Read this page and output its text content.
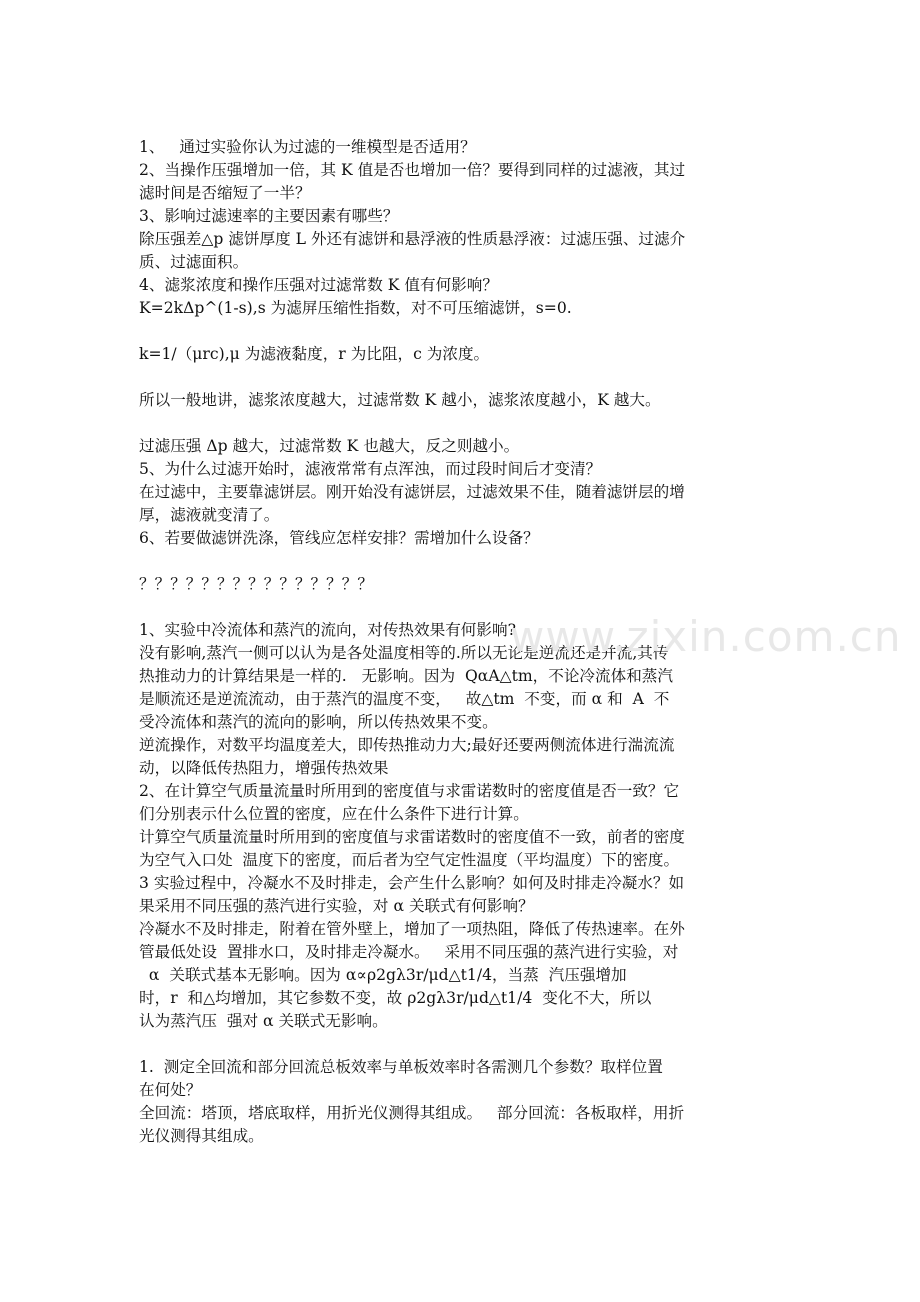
1、   通过实验你认为过滤的一维模型是否适用？
2、当操作压强增加一倍，其 K 值是否也增加一倍？要得到同样的过滤液，其过
滤时间是否缩短了一半？
3、影响过滤速率的主要因素有哪些？
除压强差△p 滤饼厚度 L 外还有滤饼和悬浮液的性质悬浮液：过滤压强、过滤介
质、过滤面积。
4、滤浆浓度和操作压强对过滤常数 K 值有何影响？
K=2kΔp^(1-s),s 为滤屏压缩性指数，对不可压缩滤饼，s=0.
k=1/（μrc),μ 为滤液黏度，r 为比阻，c 为浓度。
所以一般地讲，滤浆浓度越大，过滤常数 K 越小，滤浆浓度越小，K 越大。
过滤压强 Δp 越大，过滤常数 K 也越大，反之则越小。
5、为什么过滤开始时，滤液常常有点浑浊，而过段时间后才变清？
在过滤中，主要靠滤饼层。刚开始没有滤饼层，过滤效果不佳，随着滤饼层的增
厚，滤液就变清了。
6、若要做滤饼洗涤，管线应怎样安排？需增加什么设备？
？？？？？？？？？？？？？？？
1、实验中冷流体和蒸汽的流向，对传热效果有何影响?
没有影响,蒸汽一侧可以认为是各处温度相等的.所以无论是逆流还是并流,其传
热推动力的计算结果是一样的.   无影响。因为  QαA△tm，不论冷流体和蒸汽
是顺流还是逆流流动，由于蒸汽的温度不变，   故△tm  不变，而 α 和  A  不
受冷流体和蒸汽的流向的影响，所以传热效果不变。
逆流操作，对数平均温度差大，即传热推动力大;最好还要两侧流体进行湍流流
动，以降低传热阻力，增强传热效果
2、在计算空气质量流量时所用到的密度值与求雷诺数时的密度值是否一致？它
们分别表示什么位置的密度，应在什么条件下进行计算。
计算空气质量流量时所用到的密度值与求雷诺数时的密度值不一致，前者的密度
为空气入口处  温度下的密度，而后者为空气定性温度（平均温度）下的密度。
3 实验过程中，冷凝水不及时排走，会产生什么影响？如何及时排走冷凝水？如
果采用不同压强的蒸汽进行实验，对 α 关联式有何影响？
冷凝水不及时排走，附着在管外壁上，增加了一项热阻，降低了传热速率。在外
管最低处设  置排水口，及时排走冷凝水。   采用不同压强的蒸汽进行实验，对
α  关联式基本无影响。因为 α∝ρ2gλ3r/μd△t1/4，当蒸  汽压强增加
时，r  和△均增加，其它参数不变，故 ρ2gλ3r/μd△t1/4  变化不大，所以
认为蒸汽压  强对 α 关联式无影响。
1.  测定全回流和部分回流总板效率与单板效率时各需测几个参数？取样位置
在何处？
全回流：塔顶，塔底取样，用折光仪测得其组成。   部分回流：各板取样，用折
光仪测得其组成。
www.zixin.com.cn
